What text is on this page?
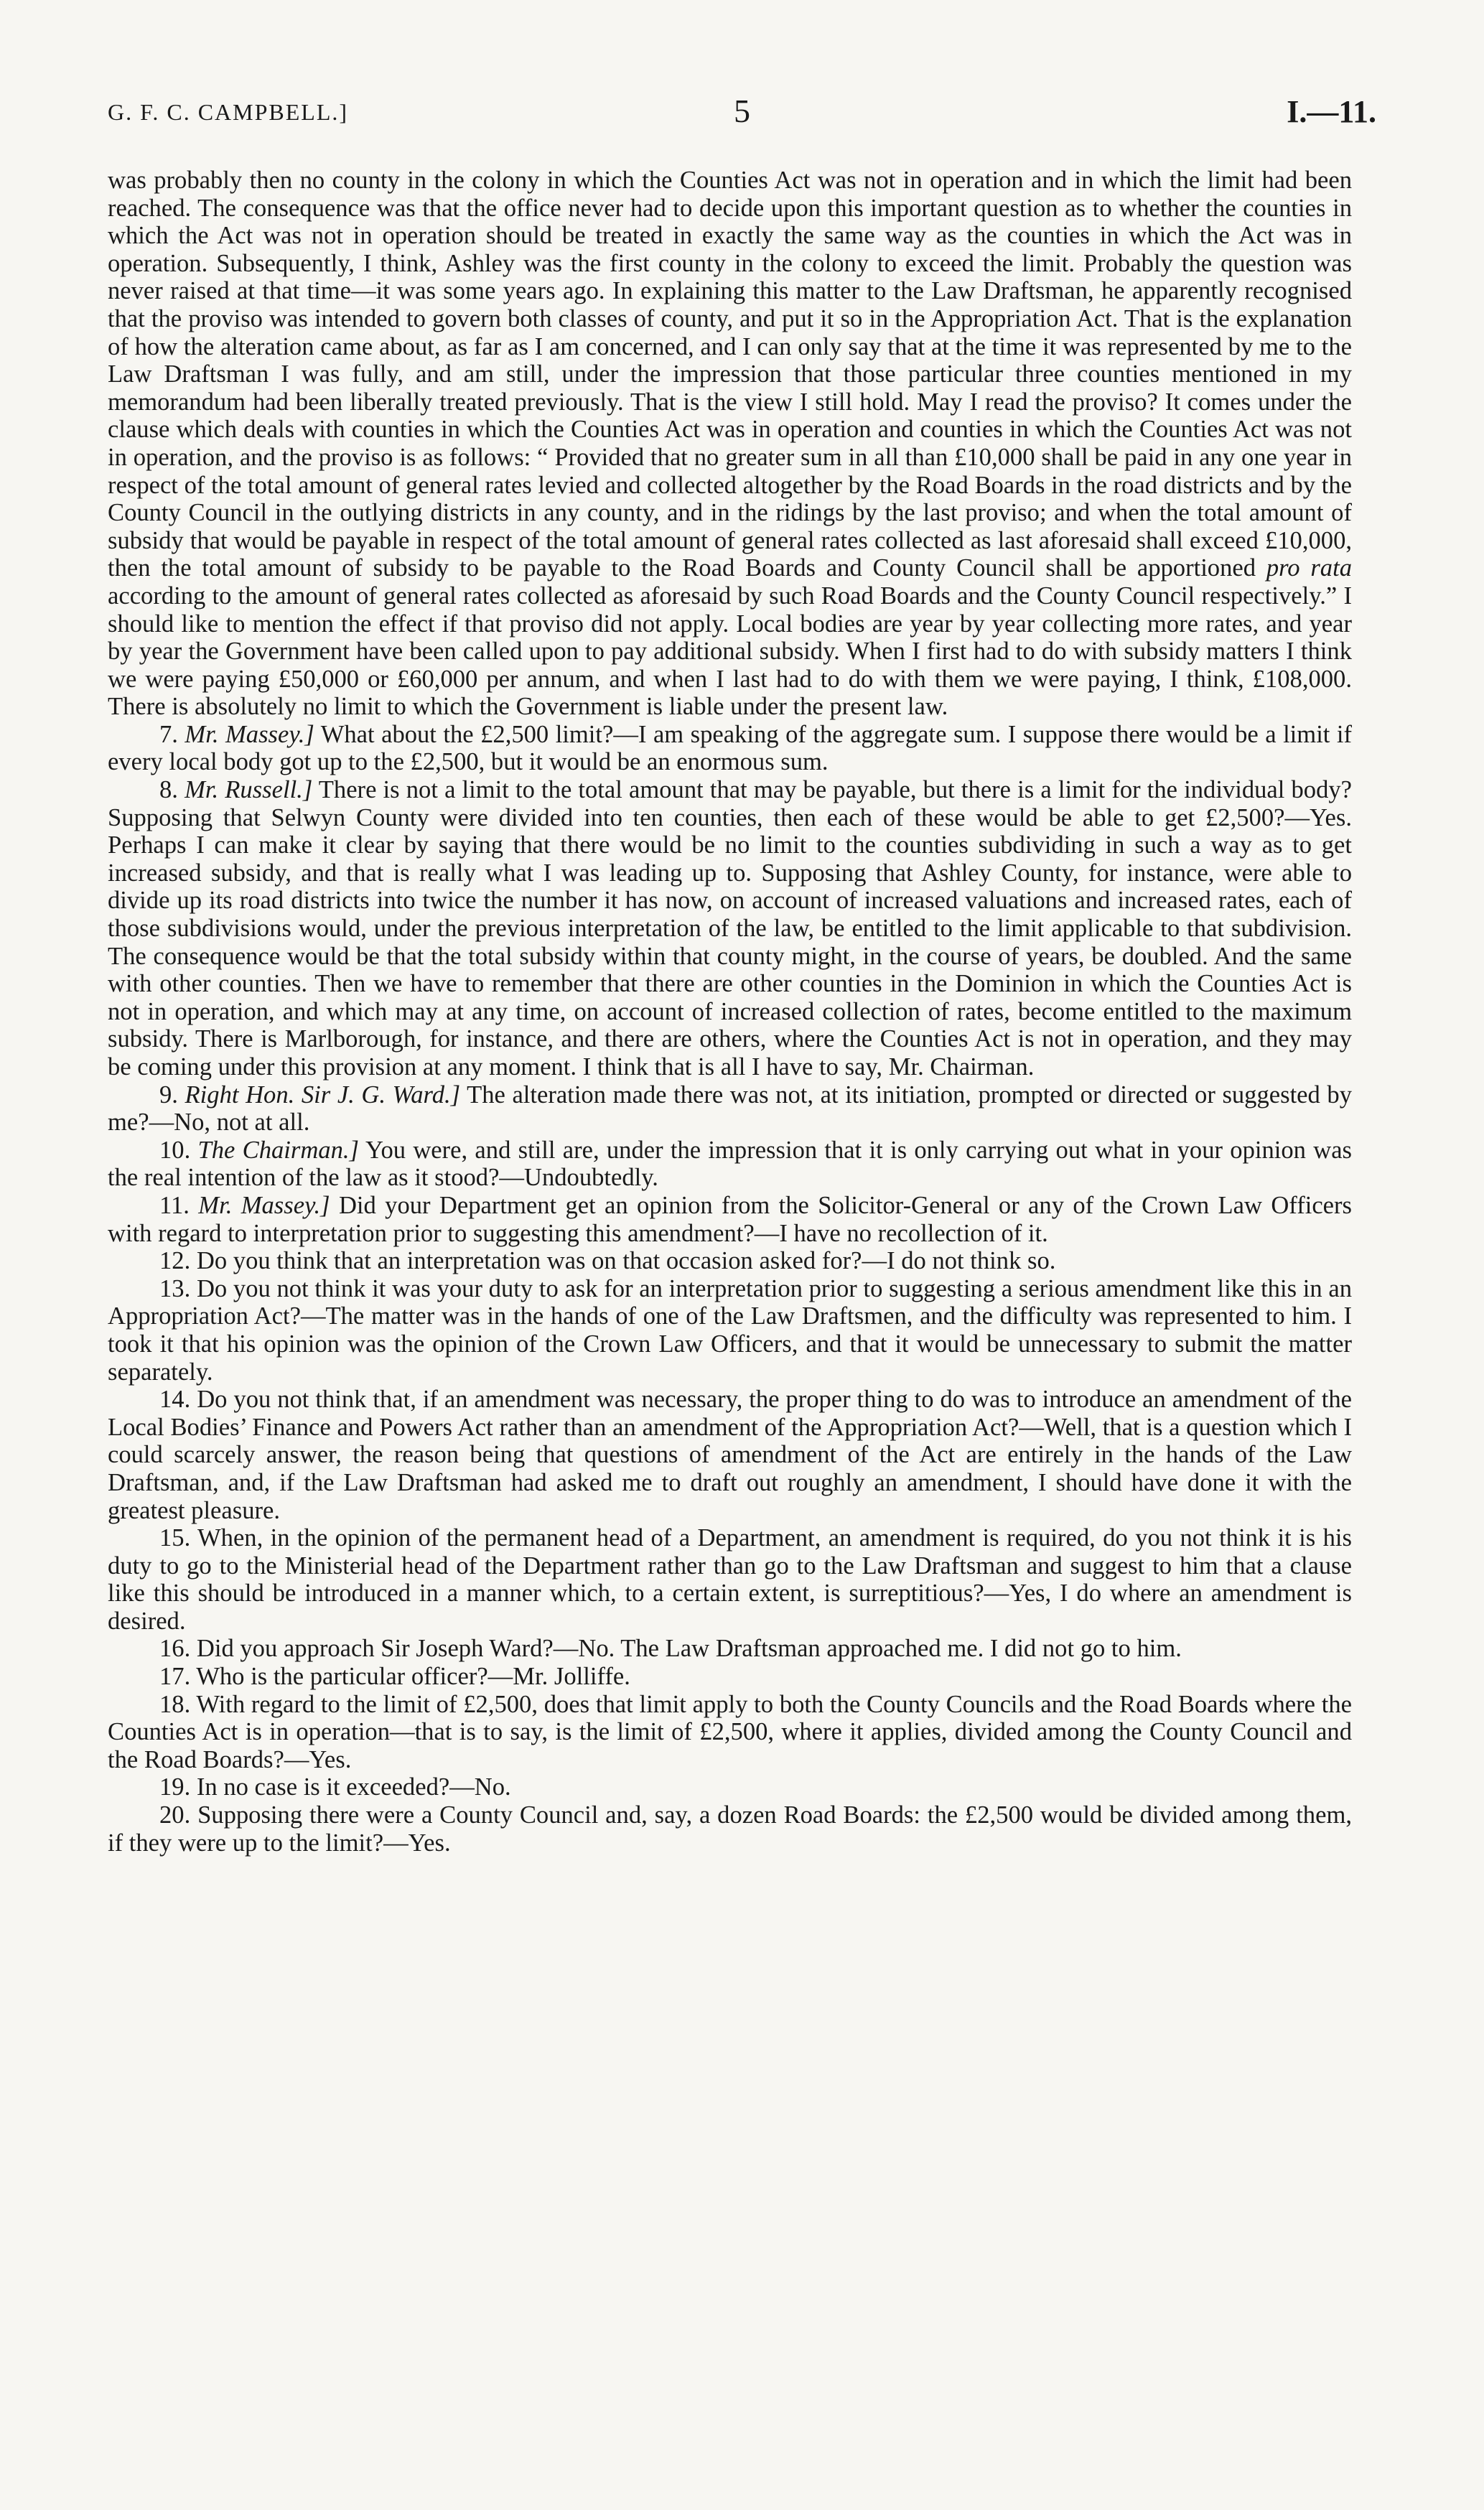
G. F. C. CAMPBELL.]	5	I.—11.

was probably then no county in the colony in which the Counties Act was not in operation and in which the limit had been reached. The consequence was that the office never had to decide upon this important question as to whether the counties in which the Act was not in operation should be treated in exactly the same way as the counties in which the Act was in operation. Subsequently, I think, Ashley was the first county in the colony to exceed the limit. Probably the question was never raised at that time—it was some years ago. In explaining this matter to the Law Draftsman, he apparently recognised that the proviso was intended to govern both classes of county, and put it so in the Appropriation Act. That is the explanation of how the alteration came about, as far as I am concerned, and I can only say that at the time it was represented by me to the Law Draftsman I was fully, and am still, under the impression that those particular three counties mentioned in my memorandum had been liberally treated previously. That is the view I still hold. May I read the proviso? It comes under the clause which deals with counties in which the Counties Act was in operation and counties in which the Counties Act was not in operation, and the proviso is as follows: “ Provided that no greater sum in all than £10,000 shall be paid in any one year in respect of the total amount of general rates levied and collected altogether by the Road Boards in the road districts and by the County Council in the outlying districts in any county, and in the ridings by the last proviso; and when the total amount of subsidy that would be payable in respect of the total amount of general rates collected as last aforesaid shall exceed £10,000, then the total amount of subsidy to be payable to the Road Boards and County Council shall be apportioned pro rata according to the amount of general rates collected as aforesaid by such Road Boards and the County Council respectively.” I should like to mention the effect if that proviso did not apply. Local bodies are year by year collecting more rates, and year by year the Government have been called upon to pay additional subsidy. When I first had to do with subsidy matters I think we were paying £50,000 or £60,000 per annum, and when I last had to do with them we were paying, I think, £108,000. There is absolutely no limit to which the Government is liable under the present law.

7. Mr. Massey.] What about the £2,500 limit?—I am speaking of the aggregate sum. I suppose there would be a limit if every local body got up to the £2,500, but it would be an enormous sum.

8. Mr. Russell.] There is not a limit to the total amount that may be payable, but there is a limit for the individual body? Supposing that Selwyn County were divided into ten counties, then each of these would be able to get £2,500?—Yes. Perhaps I can make it clear by saying that there would be no limit to the counties subdividing in such a way as to get increased subsidy, and that is really what I was leading up to. Supposing that Ashley County, for instance, were able to divide up its road districts into twice the number it has now, on account of increased valuations and increased rates, each of those subdivisions would, under the previous interpretation of the law, be entitled to the limit applicable to that subdivision. The consequence would be that the total subsidy within that county might, in the course of years, be doubled. And the same with other counties. Then we have to remember that there are other counties in the Dominion in which the Counties Act is not in operation, and which may at any time, on account of increased collection of rates, become entitled to the maximum subsidy. There is Marlborough, for instance, and there are others, where the Counties Act is not in operation, and they may be coming under this provision at any moment. I think that is all I have to say, Mr. Chairman.

9. Right Hon. Sir J. G. Ward.] The alteration made there was not, at its initiation, prompted or directed or suggested by me?—No, not at all.

10. The Chairman.] You were, and still are, under the impression that it is only carrying out what in your opinion was the real intention of the law as it stood?—Undoubtedly.

11. Mr. Massey.] Did your Department get an opinion from the Solicitor-General or any of the Crown Law Officers with regard to interpretation prior to suggesting this amendment?—I have no recollection of it.

12. Do you think that an interpretation was on that occasion asked for?—I do not think so.

13. Do you not think it was your duty to ask for an interpretation prior to suggesting a serious amendment like this in an Appropriation Act?—The matter was in the hands of one of the Law Draftsmen, and the difficulty was represented to him. I took it that his opinion was the opinion of the Crown Law Officers, and that it would be unnecessary to submit the matter separately.

14. Do you not think that, if an amendment was necessary, the proper thing to do was to introduce an amendment of the Local Bodies’ Finance and Powers Act rather than an amendment of the Appropriation Act?—Well, that is a question which I could scarcely answer, the reason being that questions of amendment of the Act are entirely in the hands of the Law Draftsman, and, if the Law Draftsman had asked me to draft out roughly an amendment, I should have done it with the greatest pleasure.

15. When, in the opinion of the permanent head of a Department, an amendment is required, do you not think it is his duty to go to the Ministerial head of the Department rather than go to the Law Draftsman and suggest to him that a clause like this should be introduced in a manner which, to a certain extent, is surreptitious?—Yes, I do where an amendment is desired.

16. Did you approach Sir Joseph Ward?—No. The Law Draftsman approached me. I did not go to him.

17. Who is the particular officer?—Mr. Jolliffe.

18. With regard to the limit of £2,500, does that limit apply to both the County Councils and the Road Boards where the Counties Act is in operation—that is to say, is the limit of £2,500, where it applies, divided among the County Council and the Road Boards?—Yes.

19. In no case is it exceeded?—No.

20. Supposing there were a County Council and, say, a dozen Road Boards: the £2,500 would be divided among them, if they were up to the limit?—Yes.
